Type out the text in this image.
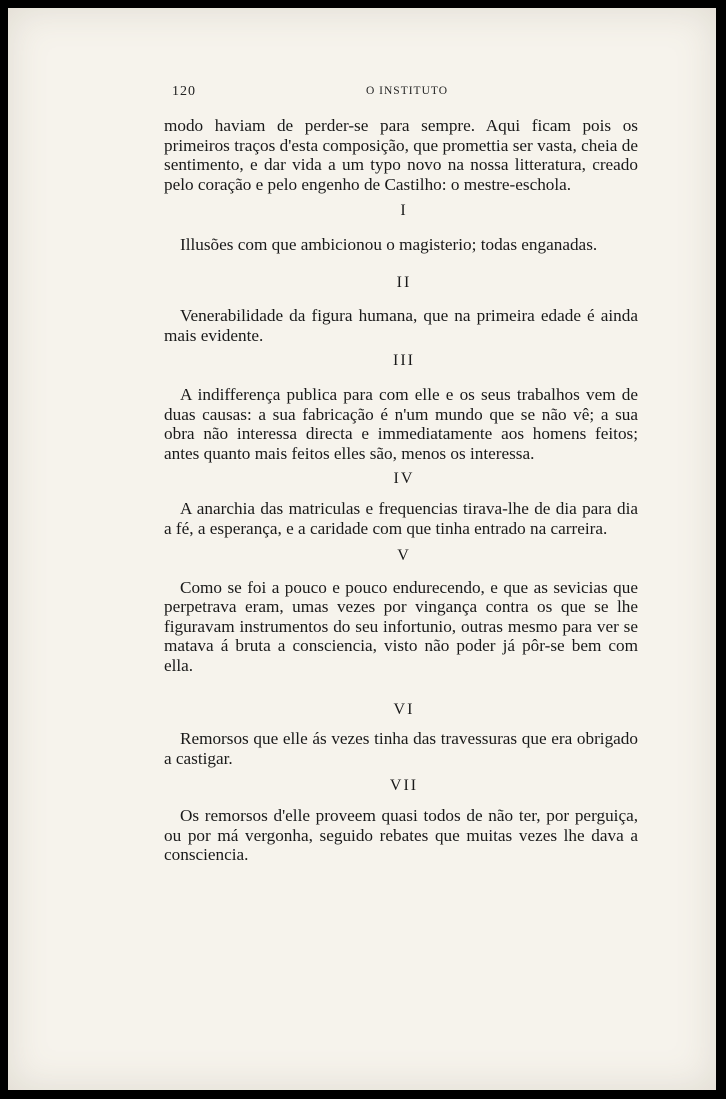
120	O INSTITUTO

modo haviam de perder-se para sempre. Aqui ficam pois os primeiros traços d'esta composição, que promettia ser vasta, cheia de sentimento, e dar vida a um typo novo na nossa litteratura, creado pelo coração e pelo engenho de Castilho: o mestre-eschola.

I

Illusões com que ambicionou o magisterio; todas enganadas.

II

Venerabilidade da figura humana, que na primeira edade é ainda mais evidente.

III

A indifferença publica para com elle e os seus trabalhos vem de duas causas: a sua fabricação é n'um mundo que se não vê; a sua obra não interessa directa e immediatamente aos homens feitos; antes quanto mais feitos elles são, menos os interessa.

IV

A anarchia das matriculas e frequencias tirava-lhe de dia para dia a fé, a esperança, e a caridade com que tinha entrado na carreira.

V

Como se foi a pouco e pouco endurecendo, e que as sevicias que perpetrava eram, umas vezes por vingança contra os que se lhe figuravam instrumentos do seu infortunio, outras mesmo para ver se matava á bruta a consciencia, visto não poder já pôr-se bem com ella.

VI

Remorsos que elle ás vezes tinha das travessuras que era obrigado a castigar.

VII

Os remorsos d'elle proveem quasi todos de não ter, por perguiça, ou por má vergonha, seguido rebates que muitas vezes lhe dava a consciencia.
